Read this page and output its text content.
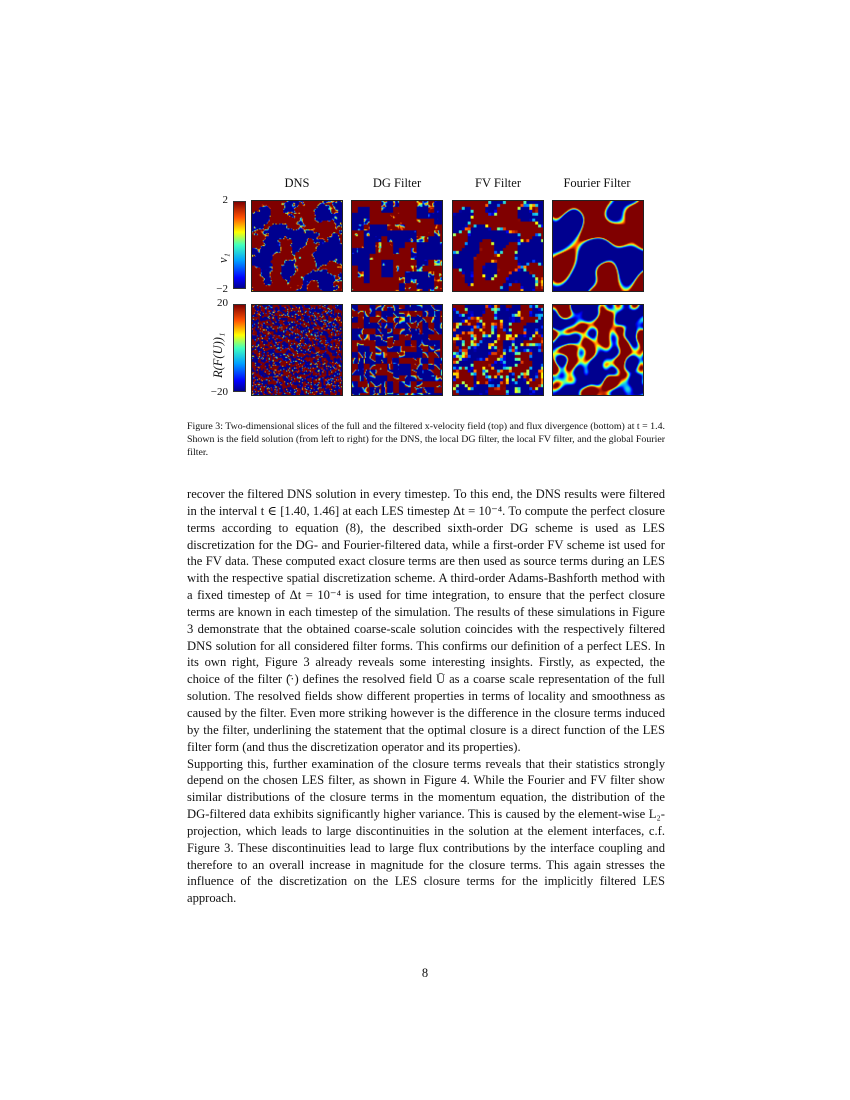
DNS	DG Filter	FV Filter	Fourier Filter
v₁
2
−2
R(F(U))₁
20
−20
Figure 3: Two-dimensional slices of the full and the filtered x-velocity field (top) and flux divergence (bottom) at t = 1.4. Shown is the field solution (from left to right) for the DNS, the local DG filter, the local FV filter, and the global Fourier filter.

recover the filtered DNS solution in every timestep. To this end, the DNS results were filtered in the interval t ∈ [1.40, 1.46] at each LES timestep Δt = 10⁻⁴. To compute the perfect closure terms according to equation (8), the described sixth-order DG scheme is used as LES discretization for the DG- and Fourier-filtered data, while a first-order FV scheme ist used for the FV data. These computed exact closure terms are then used as source terms during an LES with the respective spatial discretization scheme. A third-order Adams-Bashforth method with a fixed timestep of Δt = 10⁻⁴ is used for time integration, to ensure that the perfect closure terms are known in each timestep of the simulation. The results of these simulations in Figure 3 demonstrate that the obtained coarse-scale solution coincides with the respectively filtered DNS solution for all considered filter forms. This confirms our definition of a perfect LES. In its own right, Figure 3 already reveals some interesting insights. Firstly, as expected, the choice of the filter (̄·) defines the resolved field Ū as a coarse scale representation of the full solution. The resolved fields show different properties in terms of locality and smoothness as caused by the filter. Even more striking however is the difference in the closure terms induced by the filter, underlining the statement that the optimal closure is a direct function of the LES filter form (and thus the discretization operator and its properties).

Supporting this, further examination of the closure terms reveals that their statistics strongly depend on the chosen LES filter, as shown in Figure 4. While the Fourier and FV filter show similar distributions of the closure terms in the momentum equation, the distribution of the DG-filtered data exhibits significantly higher variance. This is caused by the element-wise L₂-projection, which leads to large discontinuities in the solution at the element interfaces, c.f. Figure 3. These discontinuities lead to large flux contributions by the interface coupling and therefore to an overall increase in magnitude for the closure terms. This again stresses the influence of the discretization on the LES closure terms for the implicitly filtered LES approach.

8
